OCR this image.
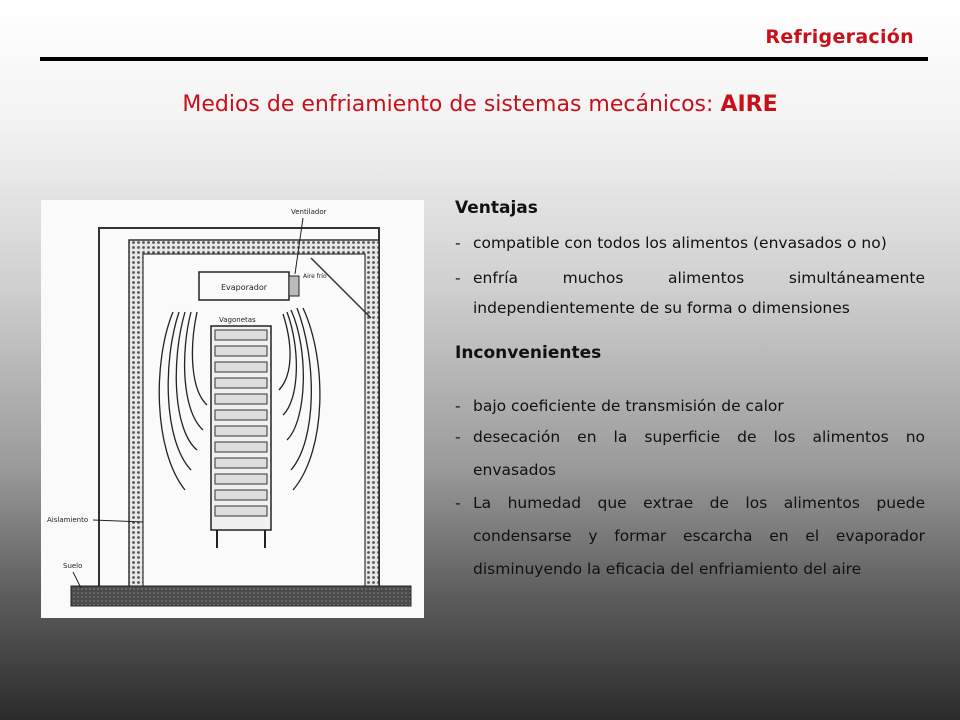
Refrigeración
Medios de enfriamiento de sistemas mecánicos: AIRE
Evaporador
Ventilador
Aire frío
Vagonetas
Aislamiento
Suelo

Ventajas

- compatible con todos los alimentos (envasados o no)
- enfría muchos alimentos simultáneamente independientemente de su forma o dimensiones

Inconvenientes

- bajo coeficiente de transmisión de calor
- desecación en la superficie de los alimentos no envasados
- La humedad que extrae de los alimentos puede condensarse y formar escarcha en el evaporador disminuyendo la eficacia del enfriamiento del aire
